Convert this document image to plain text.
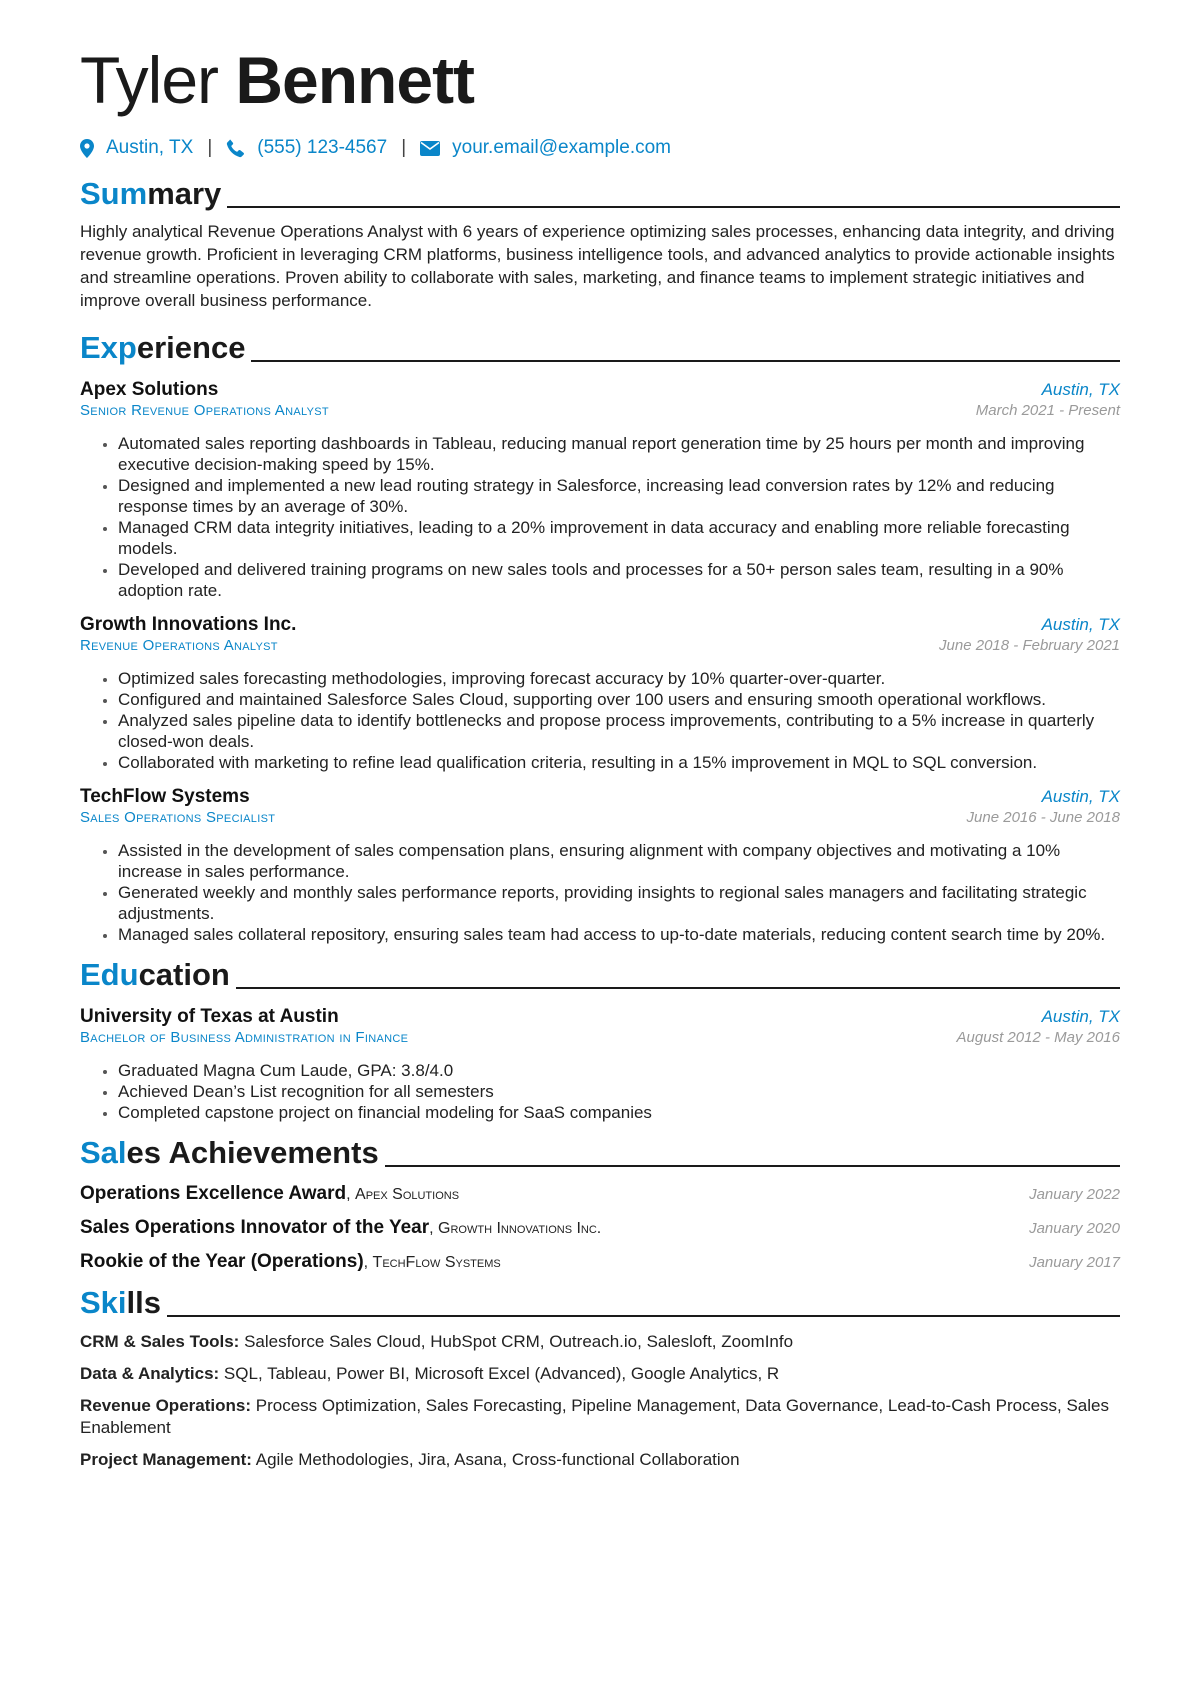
Tyler Bennett
Austin, TX | (555) 123-4567 | your.email@example.com
Summary
Highly analytical Revenue Operations Analyst with 6 years of experience optimizing sales processes, enhancing data integrity, and driving revenue growth. Proficient in leveraging CRM platforms, business intelligence tools, and advanced analytics to provide actionable insights and streamline operations. Proven ability to collaborate with sales, marketing, and finance teams to implement strategic initiatives and improve overall business performance.
Experience
Apex Solutions	Austin, TX
Senior Revenue Operations Analyst	March 2021 - Present
• Automated sales reporting dashboards in Tableau, reducing manual report generation time by 25 hours per month and improving executive decision-making speed by 15%.
• Designed and implemented a new lead routing strategy in Salesforce, increasing lead conversion rates by 12% and reducing response times by an average of 30%.
• Managed CRM data integrity initiatives, leading to a 20% improvement in data accuracy and enabling more reliable forecasting models.
• Developed and delivered training programs on new sales tools and processes for a 50+ person sales team, resulting in a 90% adoption rate.
Growth Innovations Inc.	Austin, TX
Revenue Operations Analyst	June 2018 - February 2021
• Optimized sales forecasting methodologies, improving forecast accuracy by 10% quarter-over-quarter.
• Configured and maintained Salesforce Sales Cloud, supporting over 100 users and ensuring smooth operational workflows.
• Analyzed sales pipeline data to identify bottlenecks and propose process improvements, contributing to a 5% increase in quarterly closed-won deals.
• Collaborated with marketing to refine lead qualification criteria, resulting in a 15% improvement in MQL to SQL conversion.
TechFlow Systems	Austin, TX
Sales Operations Specialist	June 2016 - June 2018
• Assisted in the development of sales compensation plans, ensuring alignment with company objectives and motivating a 10% increase in sales performance.
• Generated weekly and monthly sales performance reports, providing insights to regional sales managers and facilitating strategic adjustments.
• Managed sales collateral repository, ensuring sales team had access to up-to-date materials, reducing content search time by 20%.
Education
University of Texas at Austin	Austin, TX
Bachelor of Business Administration in Finance	August 2012 - May 2016
• Graduated Magna Cum Laude, GPA: 3.8/4.0
• Achieved Dean’s List recognition for all semesters
• Completed capstone project on financial modeling for SaaS companies
Sales Achievements
Operations Excellence Award, Apex Solutions	January 2022
Sales Operations Innovator of the Year, Growth Innovations Inc.	January 2020
Rookie of the Year (Operations), TechFlow Systems	January 2017
Skills
CRM & Sales Tools: Salesforce Sales Cloud, HubSpot CRM, Outreach.io, Salesloft, ZoomInfo
Data & Analytics: SQL, Tableau, Power BI, Microsoft Excel (Advanced), Google Analytics, R
Revenue Operations: Process Optimization, Sales Forecasting, Pipeline Management, Data Governance, Lead-to-Cash Process, Sales Enablement
Project Management: Agile Methodologies, Jira, Asana, Cross-functional Collaboration
